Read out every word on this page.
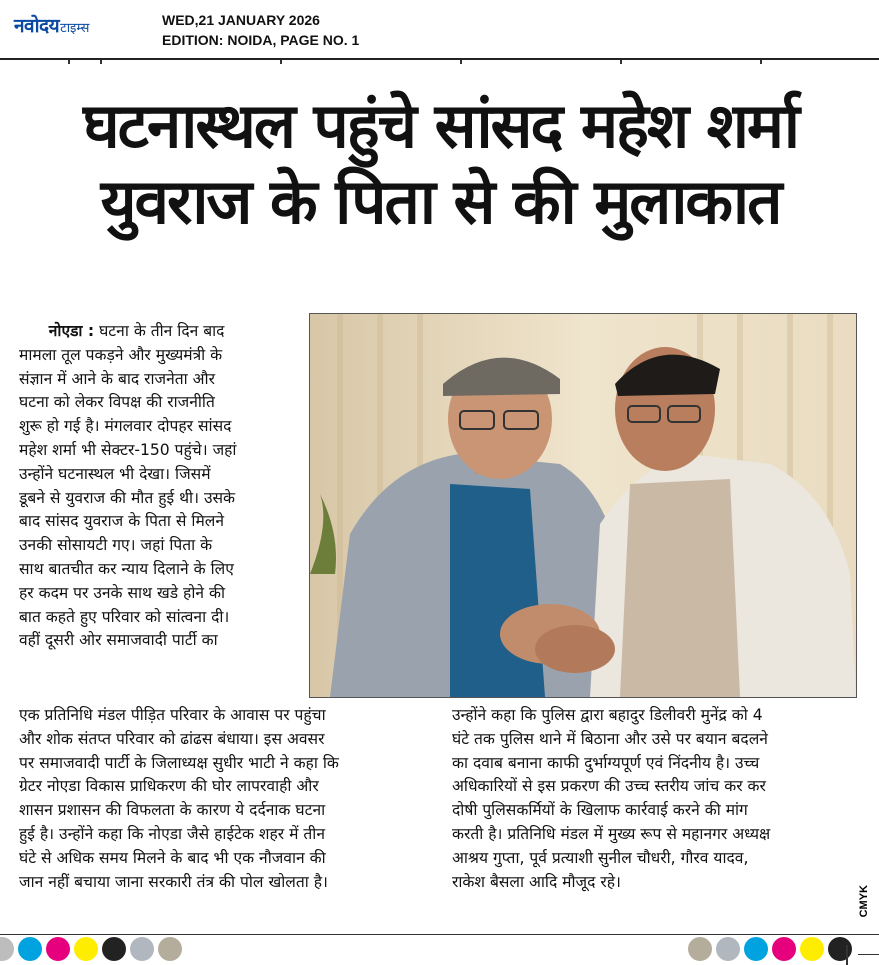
नवोदय टाइम्स
WED,21 JANUARY 2026
EDITION: NOIDA, PAGE NO. 1
घटनास्थल पहुंचे सांसद महेश शर्मा
युवराज के पिता से की मुलाकात
नोएडा : घटना के तीन दिन बाद
मामला तूल पकड़ने और मुख्यमंत्री के
संज्ञान में आने के बाद राजनेता और
घटना को लेकर विपक्ष की राजनीति
शुरू हो गई है। मंगलवार दोपहर सांसद
महेश शर्मा भी सेक्टर-150 पहुंचे। जहां
उन्होंने घटनास्थल भी देखा। जिसमें
डूबने से युवराज की मौत हुई थी। उसके
बाद सांसद युवराज के पिता से मिलने
उनकी सोसायटी गए। जहां पिता के
साथ बातचीत कर न्याय दिलाने के लिए
हर कदम पर उनके साथ खडे होने की
बात कहते हुए परिवार को सांत्वना दी।
वहीं दूसरी ओर समाजवादी पार्टी का
एक प्रतिनिधि मंडल पीड़ित परिवार के आवास पर पहुंचा
और शोक संतप्त परिवार को ढांढस बंधाया। इस अवसर
पर समाजवादी पार्टी के जिलाध्यक्ष सुधीर भाटी ने कहा कि
ग्रेटर नोएडा विकास प्राधिकरण की घोर लापरवाही और
शासन प्रशासन की विफलता के कारण ये दर्दनाक घटना
हुई है। उन्होंने कहा कि नोएडा जैसे हाईटेक शहर में तीन
घंटे से अधिक समय मिलने के बाद भी एक नौजवान की
जान नहीं बचाया जाना सरकारी तंत्र की पोल खोलता है।
उन्होंने कहा कि पुलिस द्वारा बहादुर डिलीवरी मुनेंद्र को 4
घंटे तक पुलिस थाने में बिठाना और उसे पर बयान बदलने
का दवाब बनाना काफी दुर्भाग्यपूर्ण एवं निंदनीय है। उच्च
अधिकारियों से इस प्रकरण की उच्च स्तरीय जांच कर कर
दोषी पुलिसकर्मियों के खिलाफ कार्रवाई करने की मांग
करती है। प्रतिनिधि मंडल में मुख्य रूप से महानगर अध्यक्ष
आश्रय गुप्ता, पूर्व प्रत्याशी सुनील चौधरी, गौरव यादव,
राकेश बैसला आदि मौजूद रहे।
CMYK
